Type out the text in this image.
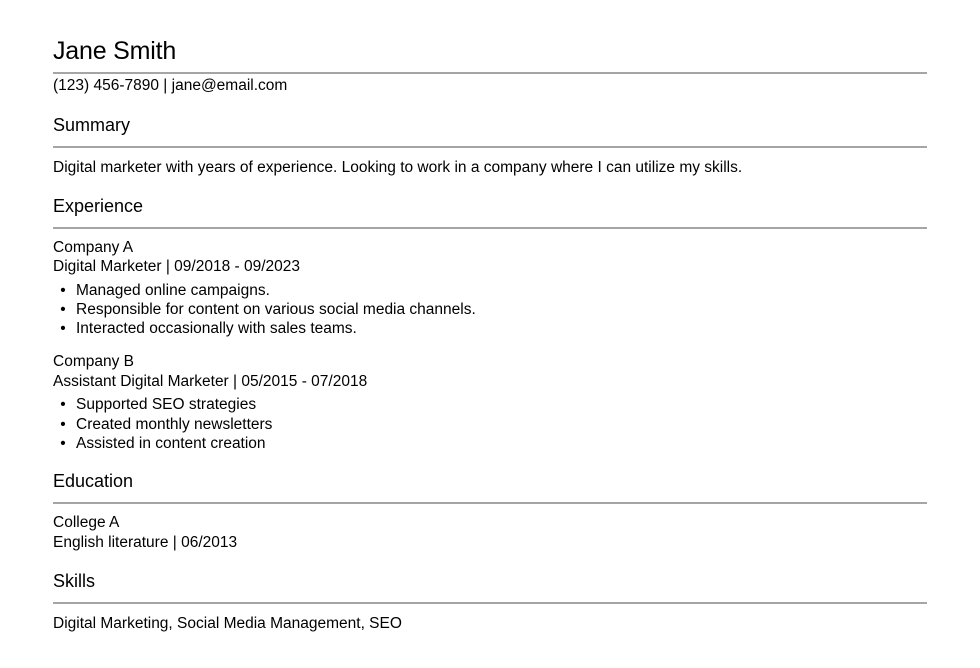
Jane Smith
(123) 456-7890 | jane@email.com
Summary
Digital marketer with years of experience. Looking to work in a company where I can utilize my skills.
Experience
Company A
Digital Marketer | 09/2018 - 09/2023
• Managed online campaigns.
• Responsible for content on various social media channels.
• Interacted occasionally with sales teams.
Company B
Assistant Digital Marketer | 05/2015 - 07/2018
• Supported SEO strategies
• Created monthly newsletters
• Assisted in content creation
Education
College A
English literature | 06/2013
Skills
Digital Marketing, Social Media Management, SEO
